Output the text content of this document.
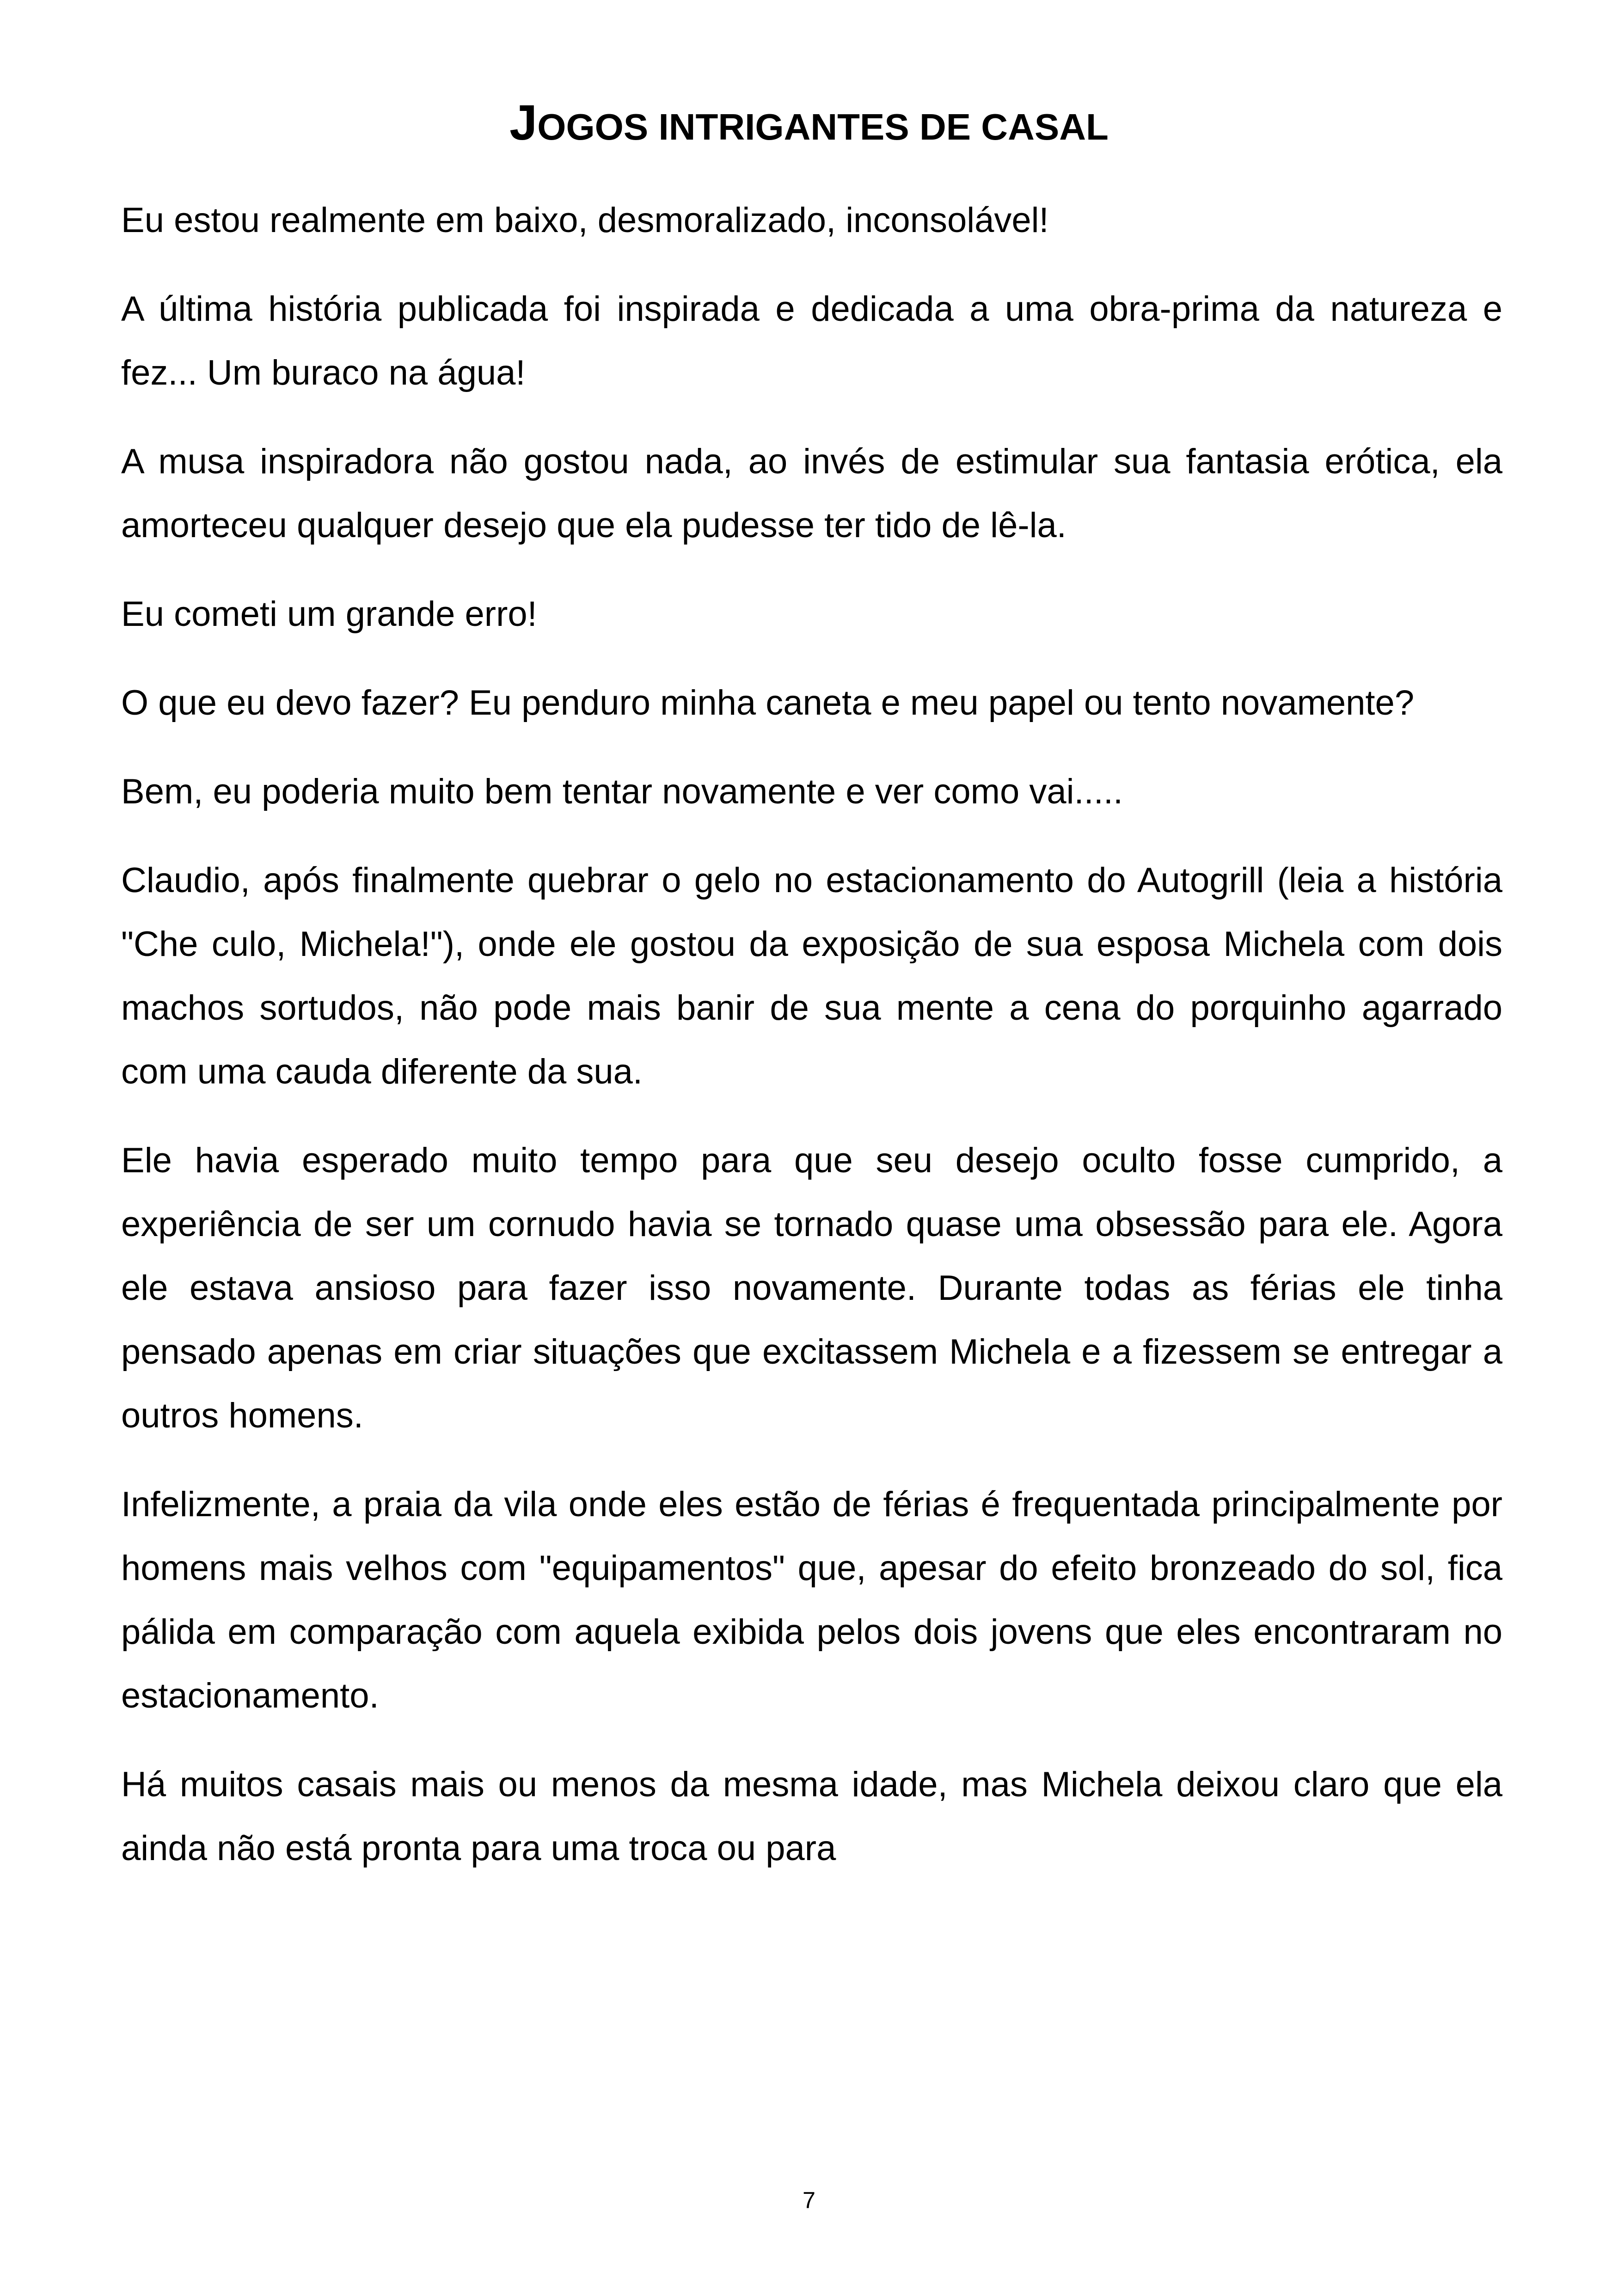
JOGOS INTRIGANTES DE CASAL

Eu estou realmente em baixo, desmoralizado, inconsolável!

A última história publicada foi inspirada e dedicada a uma obra-prima da natureza e fez... Um buraco na água!

A musa inspiradora não gostou nada, ao invés de estimular sua fantasia erótica, ela amorteceu qualquer desejo que ela pudesse ter tido de lê-la.

Eu cometi um grande erro!

O que eu devo fazer? Eu penduro minha caneta e meu papel ou tento novamente?

Bem, eu poderia muito bem tentar novamente e ver como vai.....

Claudio, após finalmente quebrar o gelo no estacionamento do Autogrill (leia a história "Che culo, Michela!"), onde ele gostou da exposição de sua esposa Michela com dois machos sortudos, não pode mais banir de sua mente a cena do porquinho agarrado com uma cauda diferente da sua.

Ele havia esperado muito tempo para que seu desejo oculto fosse cumprido, a experiência de ser um cornudo havia se tornado quase uma obsessão para ele. Agora ele estava ansioso para fazer isso novamente. Durante todas as férias ele tinha pensado apenas em criar situações que excitassem Michela e a fizessem se entregar a outros homens.

Infelizmente, a praia da vila onde eles estão de férias é frequentada principalmente por homens mais velhos com "equipamentos" que, apesar do efeito bronzeado do sol, fica pálida em comparação com aquela exibida pelos dois jovens que eles encontraram no estacionamento.

Há muitos casais mais ou menos da mesma idade, mas Michela deixou claro que ela ainda não está pronta para uma troca ou para

7
